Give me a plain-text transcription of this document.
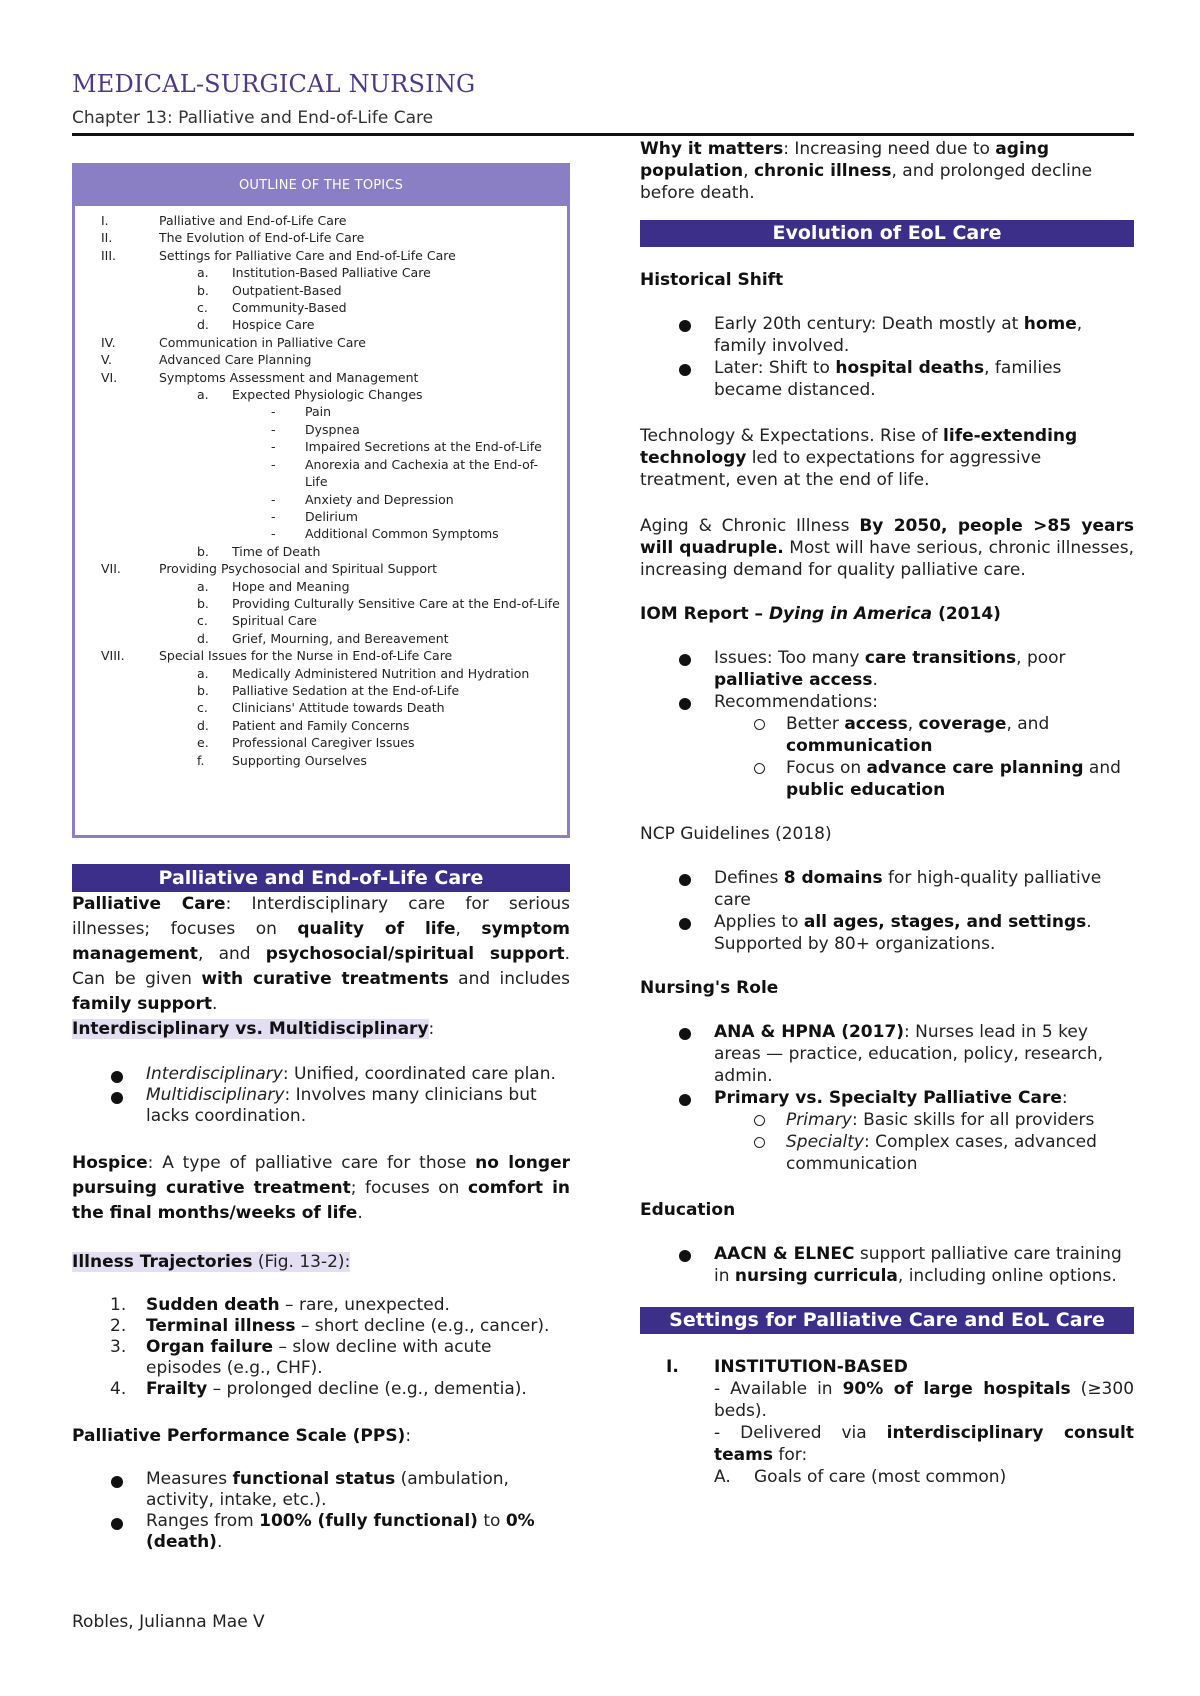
MEDICAL-SURGICAL NURSING
Chapter 13: Palliative and End-of-Life Care
OUTLINE OF THE TOPICS
I.	Palliative and End-of-Life Care
II.	The Evolution of End-of-Life Care
III.	Settings for Palliative Care and End-of-Life Care
a. Institution-Based Palliative Care
b. Outpatient-Based
c. Community-Based
d. Hospice Care
IV.	Communication in Palliative Care
V.	Advanced Care Planning
VI.	Symptoms Assessment and Management
a. Expected Physiologic Changes
- Pain
- Dyspnea
- Impaired Secretions at the End-of-Life
- Anorexia and Cachexia at the End-of-Life
- Anxiety and Depression
- Delirium
- Additional Common Symptoms
b. Time of Death
VII.	Providing Psychosocial and Spiritual Support
a. Hope and Meaning
b. Providing Culturally Sensitive Care at the End-of-Life
c. Spiritual Care
d. Grief, Mourning, and Bereavement
VIII.	Special Issues for the Nurse in End-of-Life Care
a. Medically Administered Nutrition and Hydration
b. Palliative Sedation at the End-of-Life
c. Clinicians' Attitude towards Death
d. Patient and Family Concerns
e. Professional Caregiver Issues
f. Supporting Ourselves
Palliative and End-of-Life Care

Palliative Care: Interdisciplinary care for serious illnesses; focuses on quality of life, symptom management, and psychosocial/spiritual support. Can be given with curative treatments and includes family support.

Interdisciplinary vs. Multidisciplinary:

Interdisciplinary: Unified, coordinated care plan.
Multidisciplinary: Involves many clinicians but lacks coordination.

Hospice: A type of palliative care for those no longer pursuing curative treatment; focuses on comfort in the final months/weeks of life.

Illness Trajectories (Fig. 13-2):

1. Sudden death – rare, unexpected.
2. Terminal illness – short decline (e.g., cancer).
3. Organ failure – slow decline with acute episodes (e.g., CHF).
4. Frailty – prolonged decline (e.g., dementia).

Palliative Performance Scale (PPS):

Measures functional status (ambulation, activity, intake, etc.).
Ranges from 100% (fully functional) to 0% (death).
Robles, Julianna Mae V

Why it matters: Increasing need due to aging population, chronic illness, and prolonged decline before death.

Evolution of EoL Care

Historical Shift

Early 20th century: Death mostly at home, family involved.
Later: Shift to hospital deaths, families became distanced.

Technology & Expectations. Rise of life-extending technology led to expectations for aggressive treatment, even at the end of life.

Aging & Chronic Illness By 2050, people >85 years will quadruple. Most will have serious, chronic illnesses, increasing demand for quality palliative care.

IOM Report – Dying in America (2014)

Issues: Too many care transitions, poor palliative access.
Recommendations:
Better access, coverage, and communication
Focus on advance care planning and public education

NCP Guidelines (2018)

Defines 8 domains for high-quality palliative care
Applies to all ages, stages, and settings. Supported by 80+ organizations.

Nursing's Role

ANA & HPNA (2017): Nurses lead in 5 key areas — practice, education, policy, research, admin.
Primary vs. Specialty Palliative Care:
Primary: Basic skills for all providers
Specialty: Complex cases, advanced communication

Education

AACN & ELNEC support palliative care training in nursing curricula, including online options.
Settings for Palliative Care and EoL Care
I. INSTITUTION-BASED

- Available in 90% of large hospitals (≥300 beds).

- Delivered via interdisciplinary consult teams for:

A. Goals of care (most common)
